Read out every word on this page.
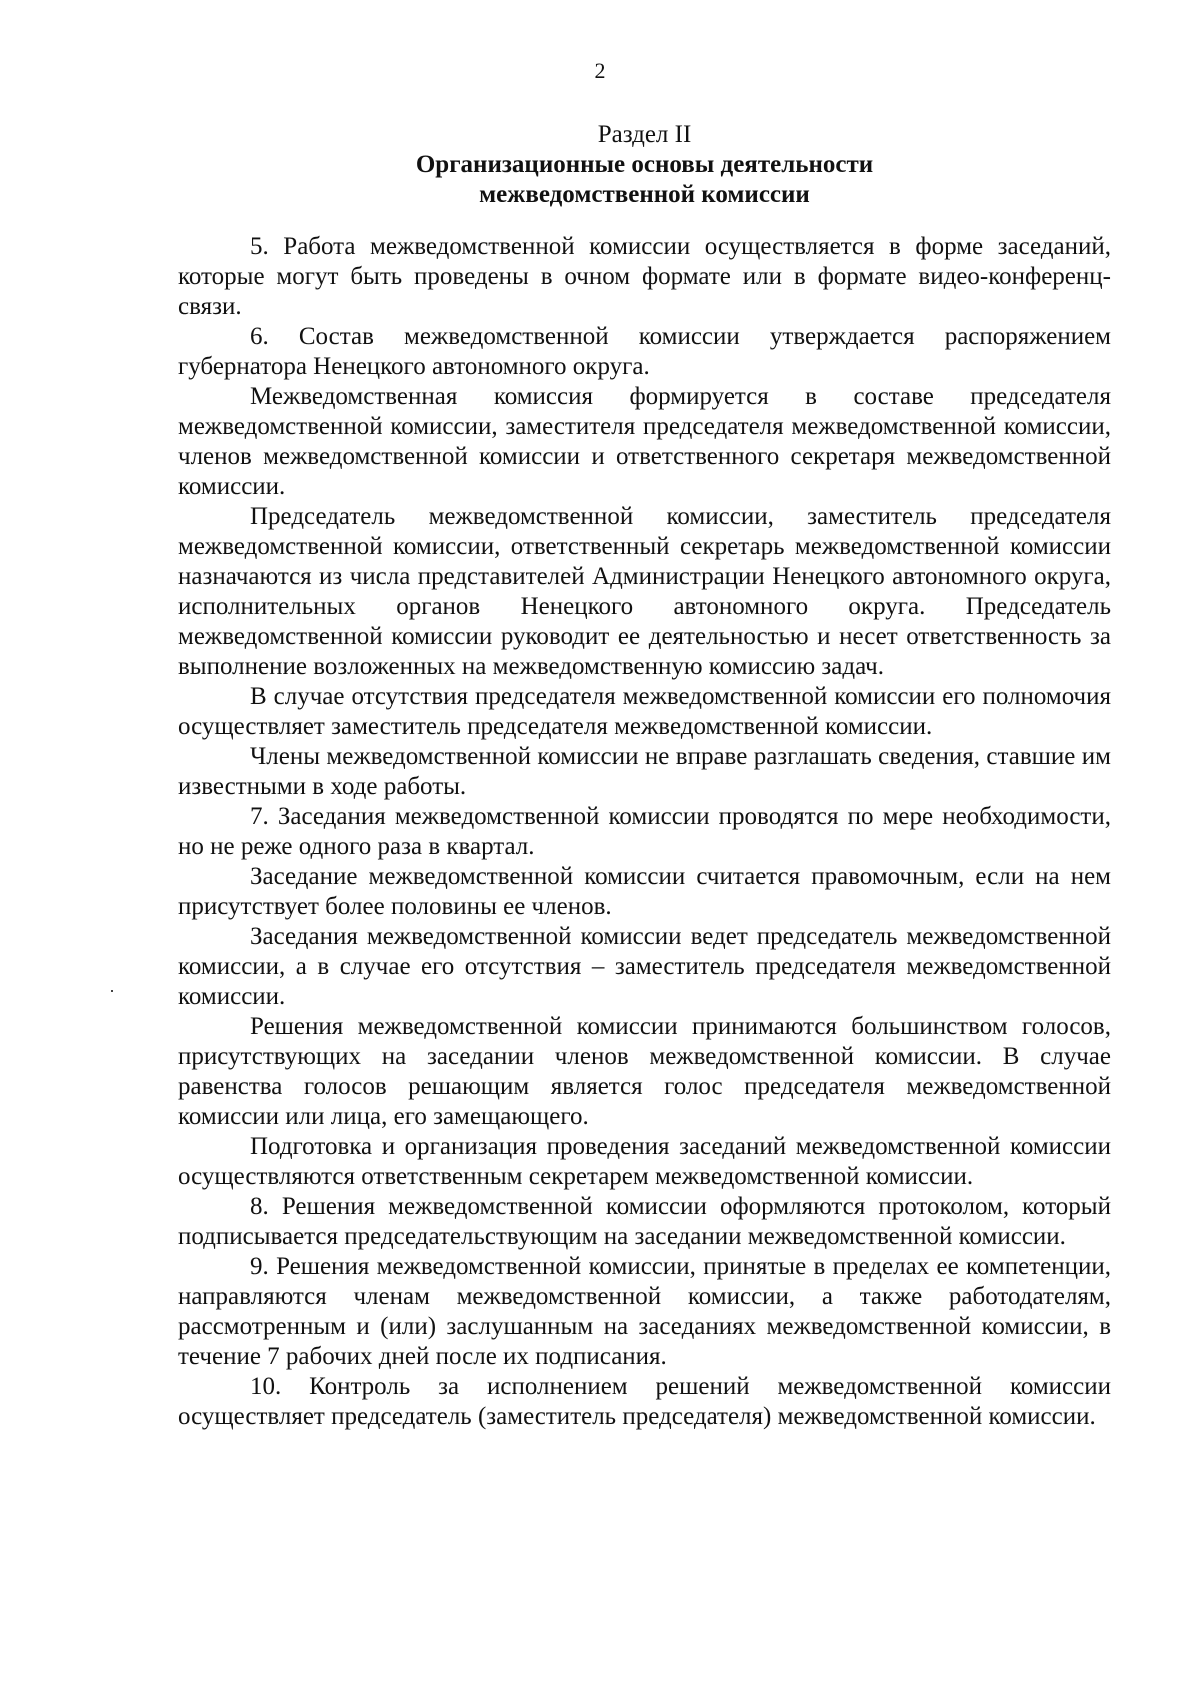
2
Раздел II
Организационные основы деятельности
межведомственной комиссии

5. Работа межведомственной комиссии осуществляется в форме заседаний, которые могут быть проведены в очном формате или в формате видео-конференц-связи.

6. Состав межведомственной комиссии утверждается распоряжением губернатора Ненецкого автономного округа.

Межведомственная комиссия формируется в составе председателя межведомственной комиссии, заместителя председателя межведомственной комиссии, членов межведомственной комиссии и ответственного секретаря межведомственной комиссии.

Председатель межведомственной комиссии, заместитель председателя межведомственной комиссии, ответственный секретарь межведомственной комиссии назначаются из числа представителей Администрации Ненецкого автономного округа, исполнительных органов Ненецкого автономного округа. Председатель межведомственной комиссии руководит ее деятельностью и несет ответственность за выполнение возложенных на межведомственную комиссию задач.

В случае отсутствия председателя межведомственной комиссии его полномочия осуществляет заместитель председателя межведомственной комиссии.

Члены межведомственной комиссии не вправе разглашать сведения, ставшие им известными в ходе работы.

7. Заседания межведомственной комиссии проводятся по мере необходимости, но не реже одного раза в квартал.

Заседание межведомственной комиссии считается правомочным, если на нем присутствует более половины ее членов.

Заседания межведомственной комиссии ведет председатель межведомственной комиссии, а в случае его отсутствия – заместитель председателя межведомственной комиссии.

Решения межведомственной комиссии принимаются большинством голосов, присутствующих на заседании членов межведомственной комиссии. В случае равенства голосов решающим является голос председателя межведомственной комиссии или лица, его замещающего.

Подготовка и организация проведения заседаний межведомственной комиссии осуществляются ответственным секретарем межведомственной комиссии.

8. Решения межведомственной комиссии оформляются протоколом, который подписывается председательствующим на заседании межведомственной комиссии.

9. Решения межведомственной комиссии, принятые в пределах ее компетенции, направляются членам межведомственной комиссии, а также работодателям, рассмотренным и (или) заслушанным на заседаниях межведомственной комиссии, в течение 7 рабочих дней после их подписания.

10. Контроль за исполнением решений межведомственной комиссии осуществляет председатель (заместитель председателя) межведомственной комиссии.
